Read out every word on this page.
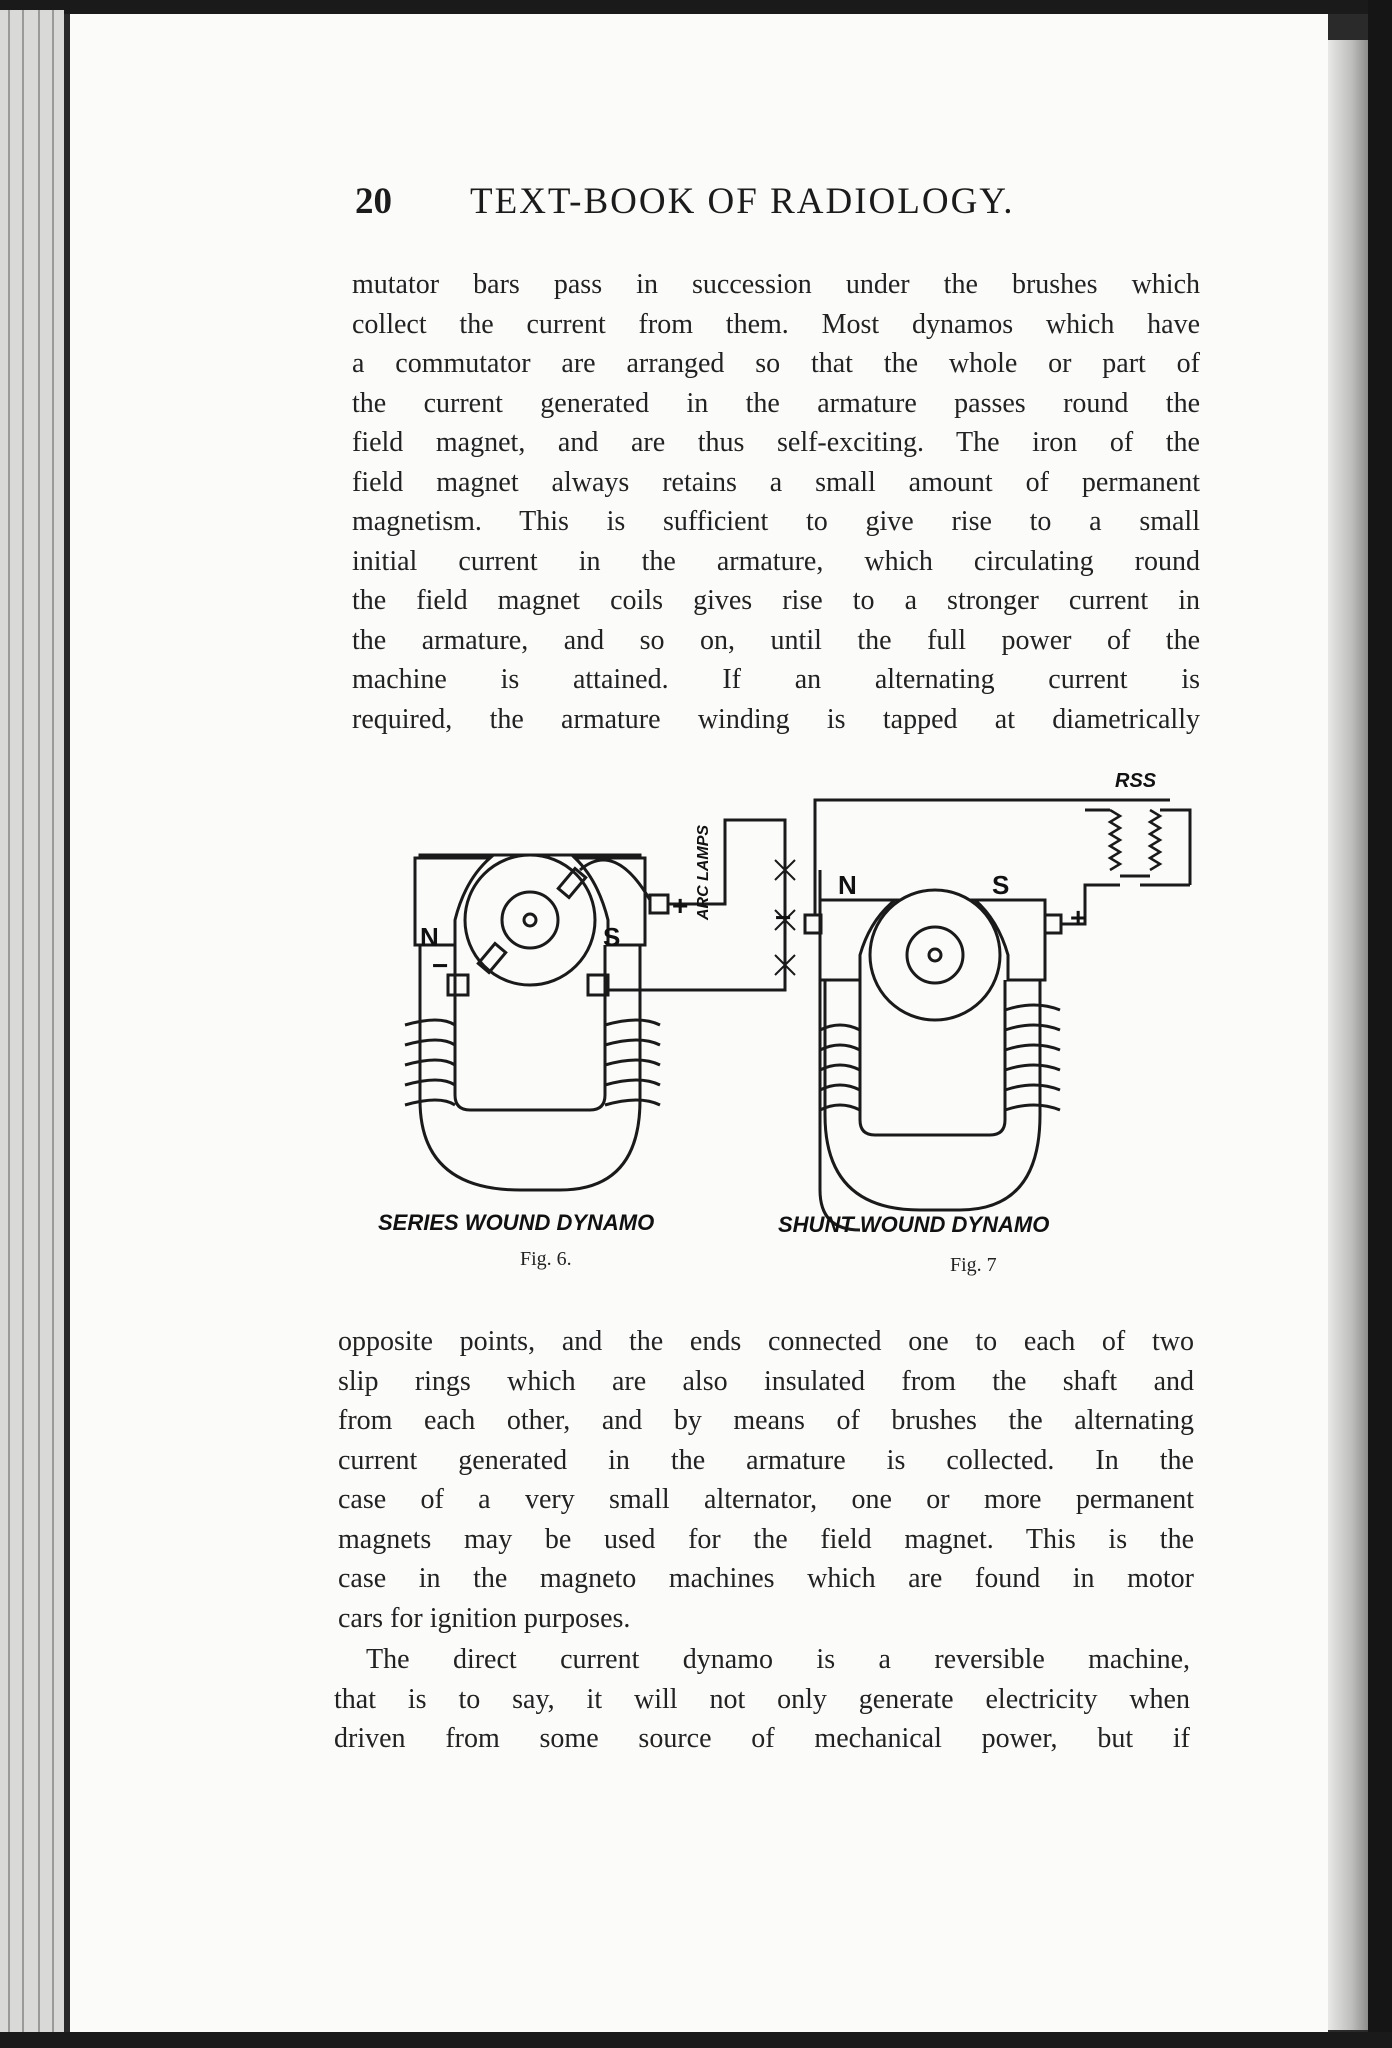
20 TEXT-BOOK OF RADIOLOGY.
mutator bars pass in succession under the brushes which
collect the current from them. Most dynamos which have
a commutator are arranged so that the whole or part of
the current generated in the armature passes round the
field magnet, and are thus self-exciting. The iron of the
field magnet always retains a small amount of permanent
magnetism. This is sufficient to give rise to a small
initial current in the armature, which circulating round
the field magnet coils gives rise to a stronger current in
the armature, and so on, until the full power of the
machine is attained. If an alternating current is
required, the armature winding is tapped at diametrically
N	S
+
−
ARC LAMPS	N	S
+
−
RSS
SERIES WOUND DYNAMO
Fig. 6.
SHUNT WOUND DYNAMO
Fig. 7
opposite points, and the ends connected one to each of two
slip rings which are also insulated from the shaft and
from each other, and by means of brushes the alternating
current generated in the armature is collected. In the
case of a very small alternator, one or more permanent
magnets may be used for the field magnet. This is the
case in the magneto machines which are found in motor
cars for ignition purposes.
The direct current dynamo is a reversible machine,
that is to say, it will not only generate electricity when
driven from some source of mechanical power, but if
